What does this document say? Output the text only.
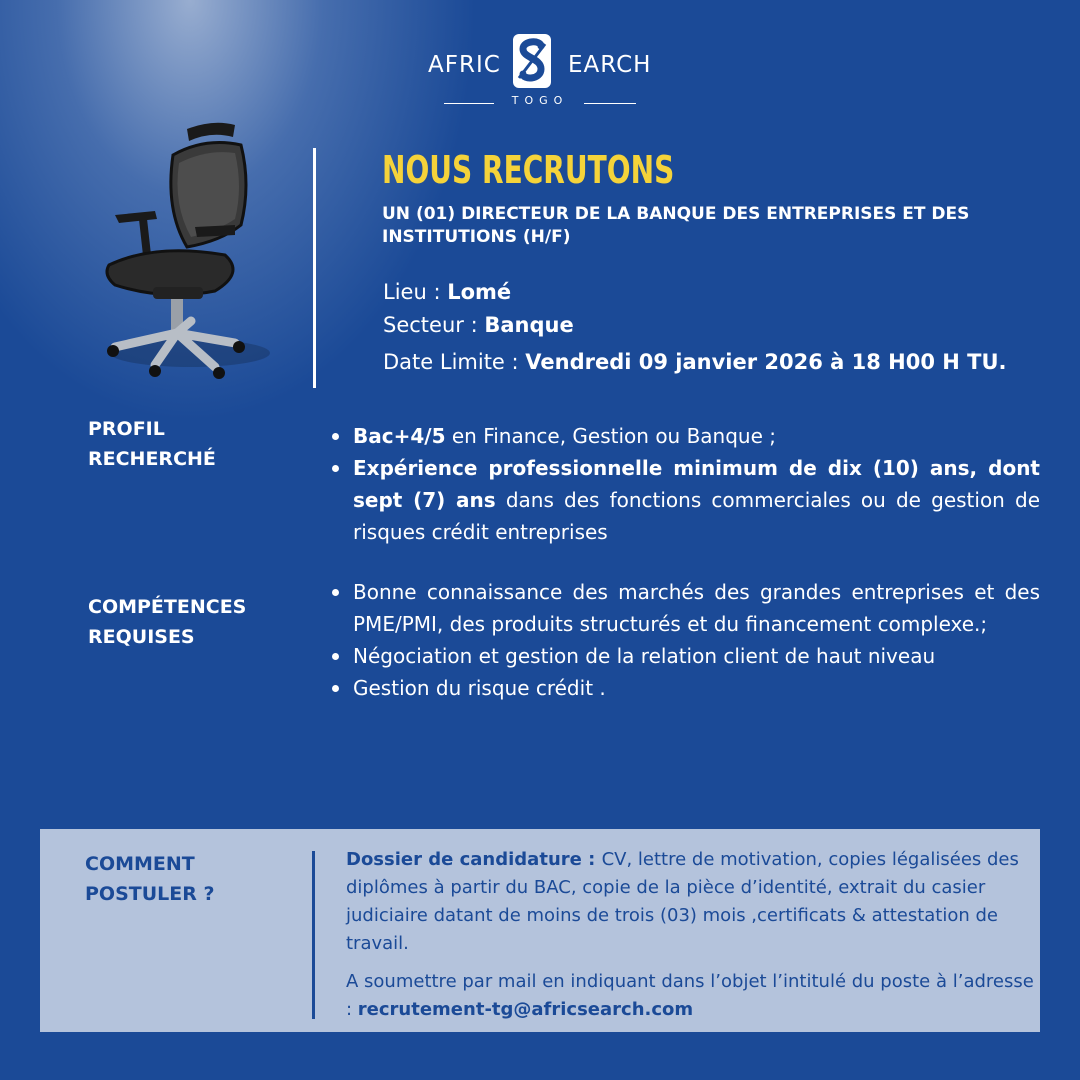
AFRIC	EARCH
TOGO
NOUS RECRUTONS
UN (01) DIRECTEUR DE LA BANQUE DES ENTREPRISES ET DES INSTITUTIONS (H/F)
Lieu : Lomé
Secteur : Banque
Date Limite : Vendredi 09 janvier 2026 à 18 H00 H TU.
PROFIL
RECHERCHÉ
Bac+4/5 en Finance, Gestion ou Banque ;
Expérience professionnelle minimum de dix (10) ans, dont sept (7) ans dans des fonctions commerciales ou de gestion de risques crédit entreprises
COMPÉTENCES
REQUISES
Bonne connaissance des marchés des grandes entreprises et des PME/PMI, des produits structurés et du financement complexe.;
Négociation et gestion de la relation client de haut niveau
Gestion du risque crédit .
COMMENT
POSTULER ?

Dossier de candidature : CV, lettre de motivation, copies légalisées des diplômes à partir du BAC, copie de la pièce d’identité, extrait du casier judiciaire datant de moins de trois (03) mois ,certificats & attestation de travail.

A soumettre par mail en indiquant dans l’objet l’intitulé du poste à l’adresse : recrutement-tg@africsearch.com
